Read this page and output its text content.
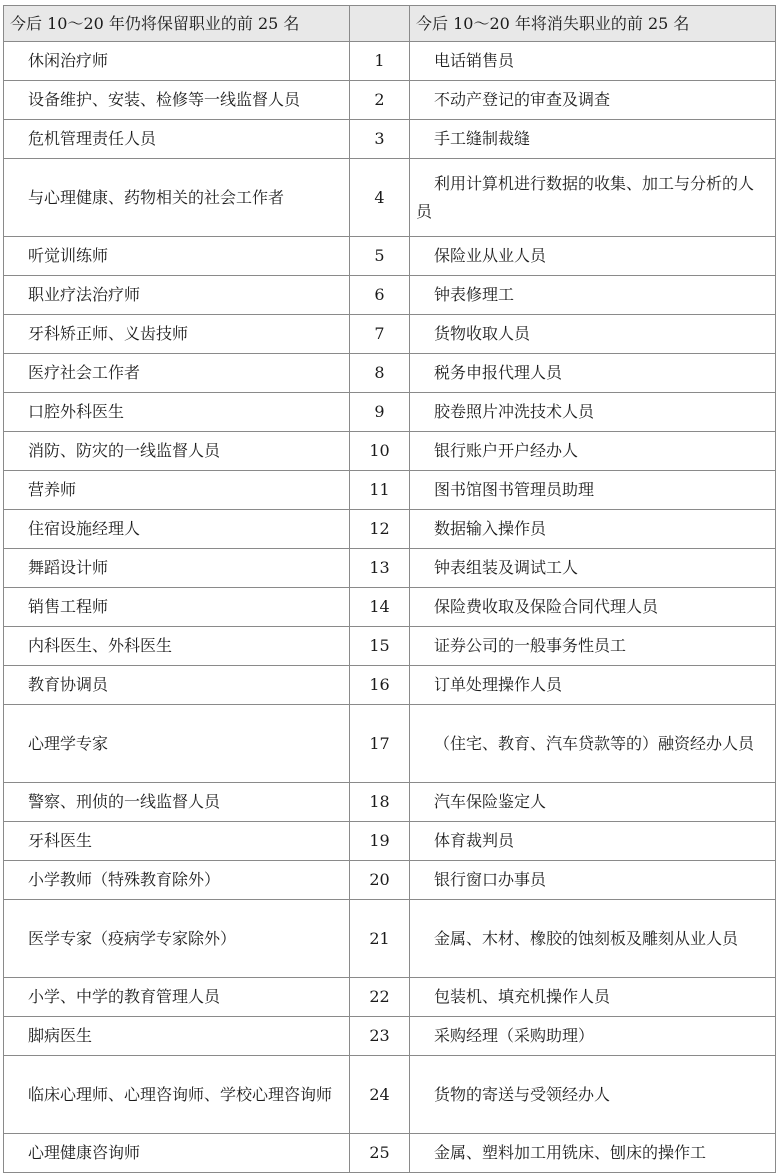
今后 10～20 年仍将保留职业的前 25 名		今后 10～20 年将消失职业的前 25 名
休闲治疗师	1	电话销售员
设备维护、安装、检修等一线监督人员	2	不动产登记的审查及调查
危机管理责任人员	3	手工缝制裁缝
与心理健康、药物相关的社会工作者	4	利用计算机进行数据的收集、加工与分析的人员
听觉训练师	5	保险业从业人员
职业疗法治疗师	6	钟表修理工
牙科矫正师、义齿技师	7	货物收取人员
医疗社会工作者	8	税务申报代理人员
口腔外科医生	9	胶卷照片冲洗技术人员
消防、防灾的一线监督人员	10	银行账户开户经办人
营养师	11	图书馆图书管理员助理
住宿设施经理人	12	数据输入操作员
舞蹈设计师	13	钟表组装及调试工人
销售工程师	14	保险费收取及保险合同代理人员
内科医生、外科医生	15	证券公司的一般事务性员工
教育协调员	16	订单处理操作人员
心理学专家	17	（住宅、教育、汽车贷款等的）融资经办人员
警察、刑侦的一线监督人员	18	汽车保险鉴定人
牙科医生	19	体育裁判员
小学教师（特殊教育除外）	20	银行窗口办事员
医学专家（疫病学专家除外）	21	金属、木材、橡胶的蚀刻板及雕刻从业人员
小学、中学的教育管理人员	22	包装机、填充机操作人员
脚病医生	23	采购经理（采购助理）
临床心理师、心理咨询师、学校心理咨询师	24	货物的寄送与受领经办人
心理健康咨询师	25	金属、塑料加工用铣床、刨床的操作工
